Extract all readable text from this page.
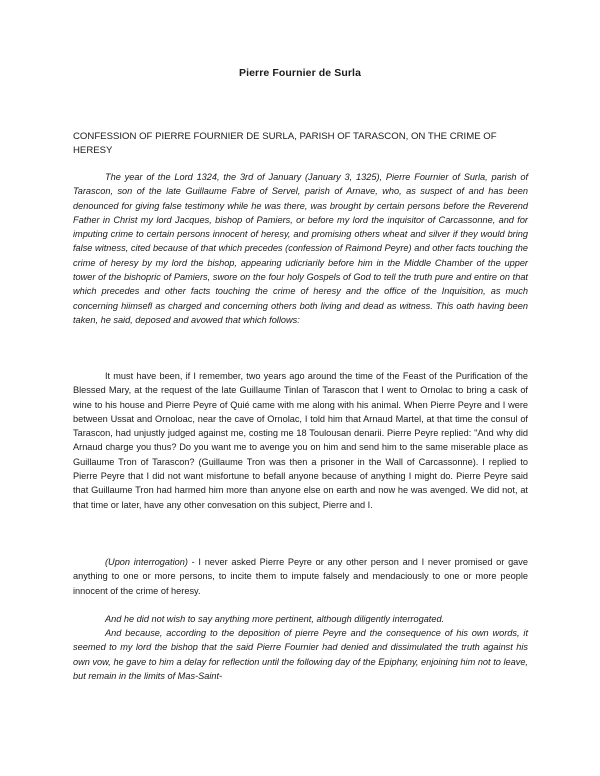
Pierre Fournier de Surla
CONFESSION OF PIERRE FOURNIER DE SURLA, PARISH OF TARASCON, ON THE CRIME OF HERESY

The year of the Lord 1324, the 3rd of January (January 3, 1325), Pierre Fournier of Surla, parish of Tarascon, son of the late Guillaume Fabre of Servel, parish of Arnave, who, as suspect of and has been denounced for giving false testimony while he was there, was brought by certain persons before the Reverend Father in Christ my lord Jacques, bishop of Pamiers, or before my lord the inquisitor of Carcassonne, and for imputing crime to certain persons innocent of heresy, and promising others wheat and silver if they would bring false witness, cited because of that which precedes (confession of Raimond Peyre) and other facts touching the crime of heresy by my lord the bishop, appearing udicriarily before him in the Middle Chamber of the upper tower of the bishopric of Pamiers, swore on the four holy Gospels of God to tell the truth pure and entire on that which precedes and other facts touching the crime of heresy and the office of the Inquisition, as much concerning hiimsefl as charged and concerning others both living and dead as witness. This oath having been taken, he said, deposed and avowed that which follows:

It must have been, if I remember, two years ago around the time of the Feast of the Purification of the Blessed Mary, at the request of the late Guillaume Tinlan of Tarascon that I went to Ornolac to bring a cask of wine to his house and Pierre Peyre of Quié came with me along with his animal. When Pierre Peyre and I were between Ussat and Ornoloac, near the cave of Ornolac, I told him that Arnaud Martel, at that time the consul of Tarascon, had unjustly judged against me, costing me 18 Toulousan denarii. Pierre Peyre replied: "And why did Arnaud charge you thus? Do you want me to avenge you on him and send him to the same miserable place as Guillaume Tron of Tarascon? (Guillaume Tron was then a prisoner in the Wall of Carcassonne). I replied to Pierre Peyre that I did not want misfortune to befall anyone because of anything I might do. Pierre Peyre said that Guillaume Tron had harmed him more than anyone else on earth and now he was avenged. We did not, at that time or later, have any other convesation on this subject, Pierre and I.

(Upon interrogation) - I never asked Pierre Peyre or any other person and I never promised or gave anything to one or more persons, to incite them to impute falsely and mendaciously to one or more people innocent of the crime of heresy.

And he did not wish to say anything more pertinent, although diligently interrogated.

And because, according to the deposition of pierre Peyre and the consequence of his own words, it seemed to my lord the bishop that the said Pierre Fournier had denied and dissimulated the truth against his own vow, he gave to him a delay for reflection until the following day of the Epiphany, enjoining him not to leave, but remain in the limits of Mas-Saint-
